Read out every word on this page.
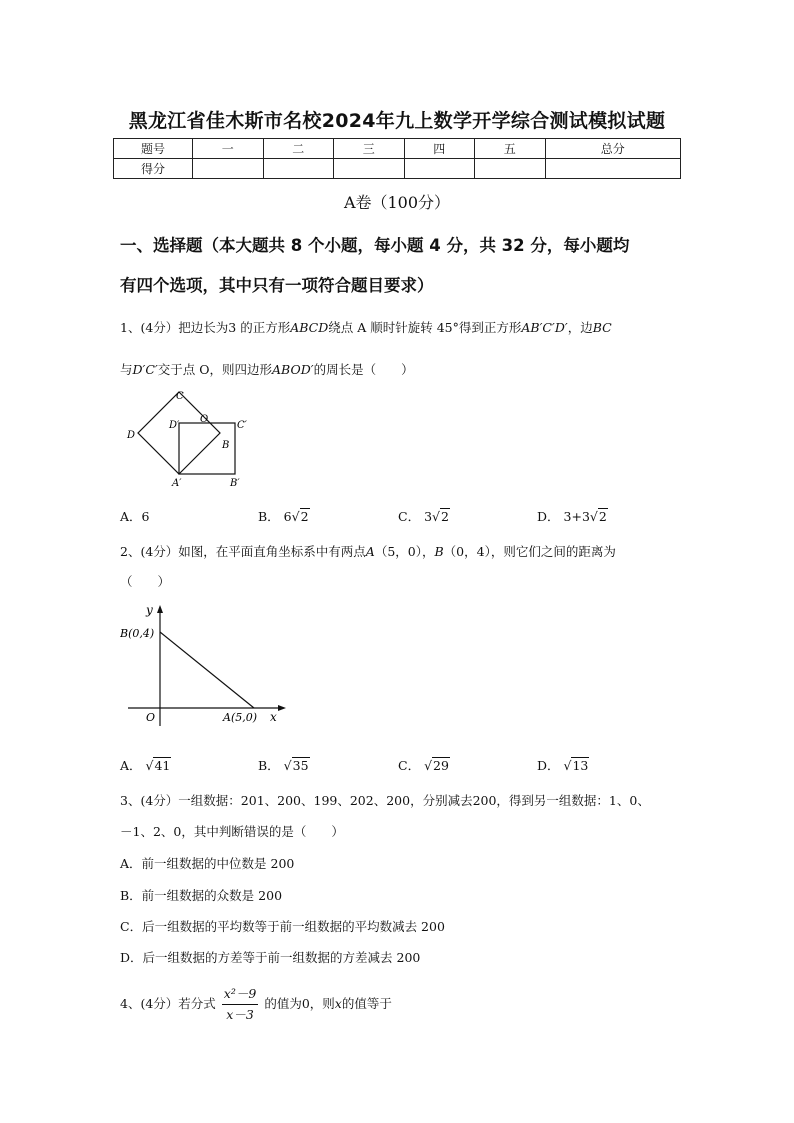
黑龙江省佳木斯市名校2024年九上数学开学综合测试模拟试题
题号	一	二	三	四	五	总分
得分						
A卷（100分）
一、选择题（本大题共 8 个小题，每小题 4 分，共 32 分，每小题均
有四个选项，其中只有一项符合题目要求）
1、(4分）把边长为3 的正方形ABCD绕点 A 顺时针旋转 45°得到正方形AB′C′D′，边BC
与D′C′交于点 O，则四边形ABOD′的周长是（　　）
C
D
D′
O
C′
B
A′	B′
A．6	B． 6√2	C． 3√2	D． 3+3√2
2、(4分）如图，在平面直角坐标系中有两点A（5，0），B（0，4），则它们之间的距离为
（　　）
y
B(0,4)
O	A(5,0) x
A． √41	B． √35	C． √29	D． √13
3、(4分）一组数据：201、200、199、202、200，分别减去200，得到另一组数据：1、0、
－1、2、0，其中判断错误的是（　　）
A．前一组数据的中位数是 200
B．前一组数据的众数是 200
C．后一组数据的平均数等于前一组数据的平均数减去 200
D．后一组数据的方差等于前一组数据的方差减去 200
4、(4分）若分式 $\frac{\text{x²－9}}{x-3}$ 的值为0，则x的值等于
